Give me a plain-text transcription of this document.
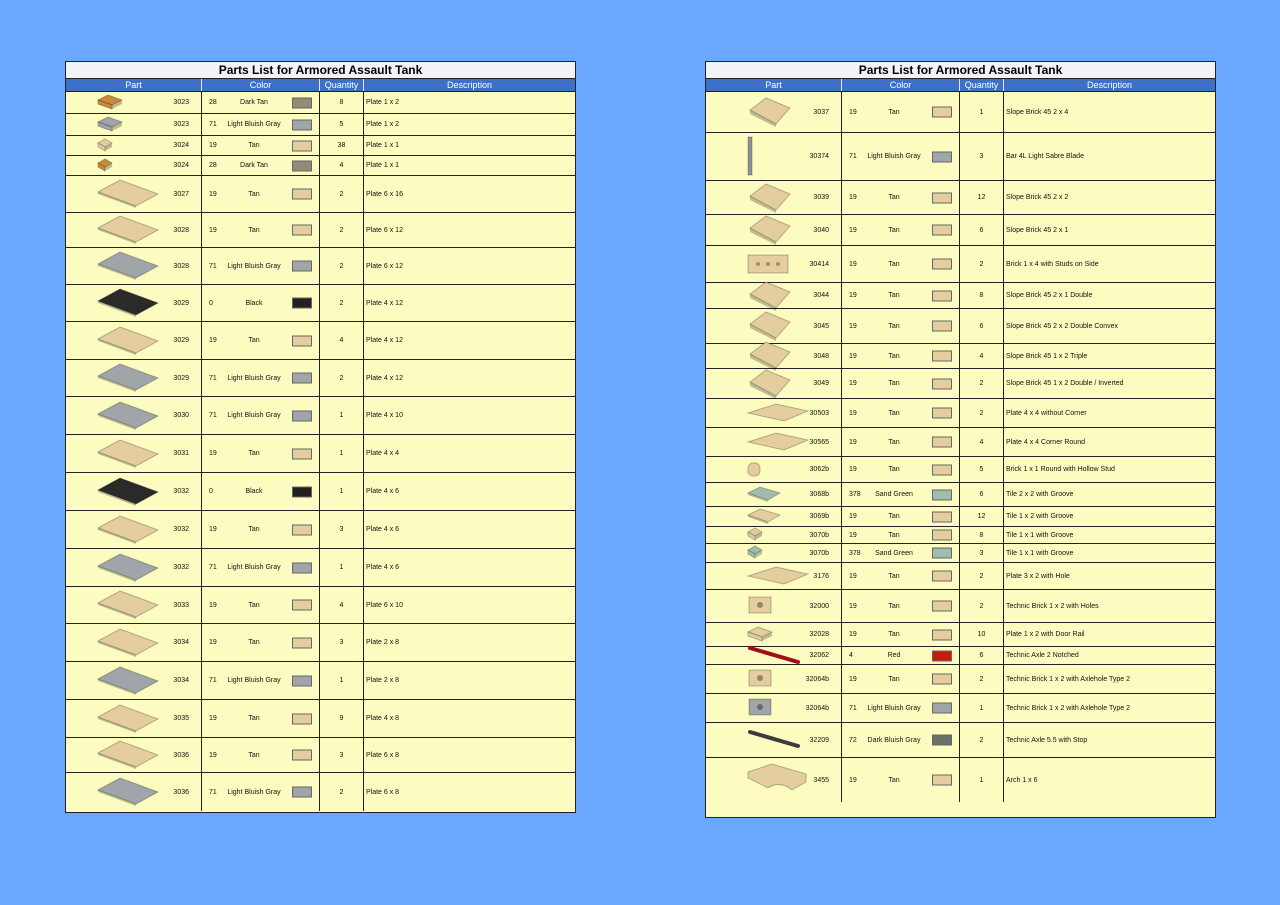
Parts List for Armored Assault Tank
Part	Color	Quantity	Description
3023	28	Dark Tan	8	Plate 1 x 2
3023	71	Light Bluish Gray	5	Plate 1 x 2
3024	19	Tan	38	Plate 1 x 1
3024	28	Dark Tan	4	Plate 1 x 1
3027	19	Tan	2	Plate 6 x 16
3028	19	Tan	2	Plate 6 x 12
3028	71	Light Bluish Gray	2	Plate 6 x 12
3029	0	Black	2	Plate 4 x 12
3029	19	Tan	4	Plate 4 x 12
3029	71	Light Bluish Gray	2	Plate 4 x 12
3030	71	Light Bluish Gray	1	Plate 4 x 10
3031	19	Tan	1	Plate 4 x 4
3032	0	Black	1	Plate 4 x 6
3032	19	Tan	3	Plate 4 x 6
3032	71	Light Bluish Gray	1	Plate 4 x 6
3033	19	Tan	4	Plate 6 x 10
3034	19	Tan	3	Plate 2 x 8
3034	71	Light Bluish Gray	1	Plate 2 x 8
3035	19	Tan	9	Plate 4 x 8
3036	19	Tan	3	Plate 6 x 8
3036	71	Light Bluish Gray	2	Plate 6 x 8
Parts List for Armored Assault Tank
Part	Color	Quantity	Description
3037	19	Tan	1	Slope Brick 45 2 x 4
30374	71	Light Bluish Gray	3	Bar 4L Light Sabre Blade
3039	19	Tan	12	Slope Brick 45 2 x 2
3040	19	Tan	6	Slope Brick 45 2 x 1
30414	19	Tan	2	Brick 1 x 4 with Studs on Side
3044	19	Tan	8	Slope Brick 45 2 x 1 Double
3045	19	Tan	6	Slope Brick 45 2 x 2 Double Convex
3048	19	Tan	4	Slope Brick 45 1 x 2 Triple
3049	19	Tan	2	Slope Brick 45 1 x 2 Double / Inverted
30503	19	Tan	2	Plate 4 x 4 without Corner
30565	19	Tan	4	Plate 4 x 4 Corner Round
3062b	19	Tan	5	Brick 1 x 1 Round with Hollow Stud
3068b	378	Sand Green	6	Tile 2 x 2 with Groove
3069b	19	Tan	12	Tile 1 x 2 with Groove
3070b	19	Tan	8	Tile 1 x 1 with Groove
3070b	378	Sand Green	3	Tile 1 x 1 with Groove
3176	19	Tan	2	Plate 3 x 2 with Hole
32000	19	Tan	2	Technic Brick 1 x 2 with Holes
32028	19	Tan	10	Plate 1 x 2 with Door Rail
32062	4	Red	6	Technic Axle 2 Notched
32064b	19	Tan	2	Technic Brick 1 x 2 with Axlehole Type 2
32064b	71	Light Bluish Gray	1	Technic Brick 1 x 2 with Axlehole Type 2
32209	72	Dark Bluish Gray	2	Technic Axle 5.5 with Stop
3455	19	Tan	1	Arch 1 x 6
